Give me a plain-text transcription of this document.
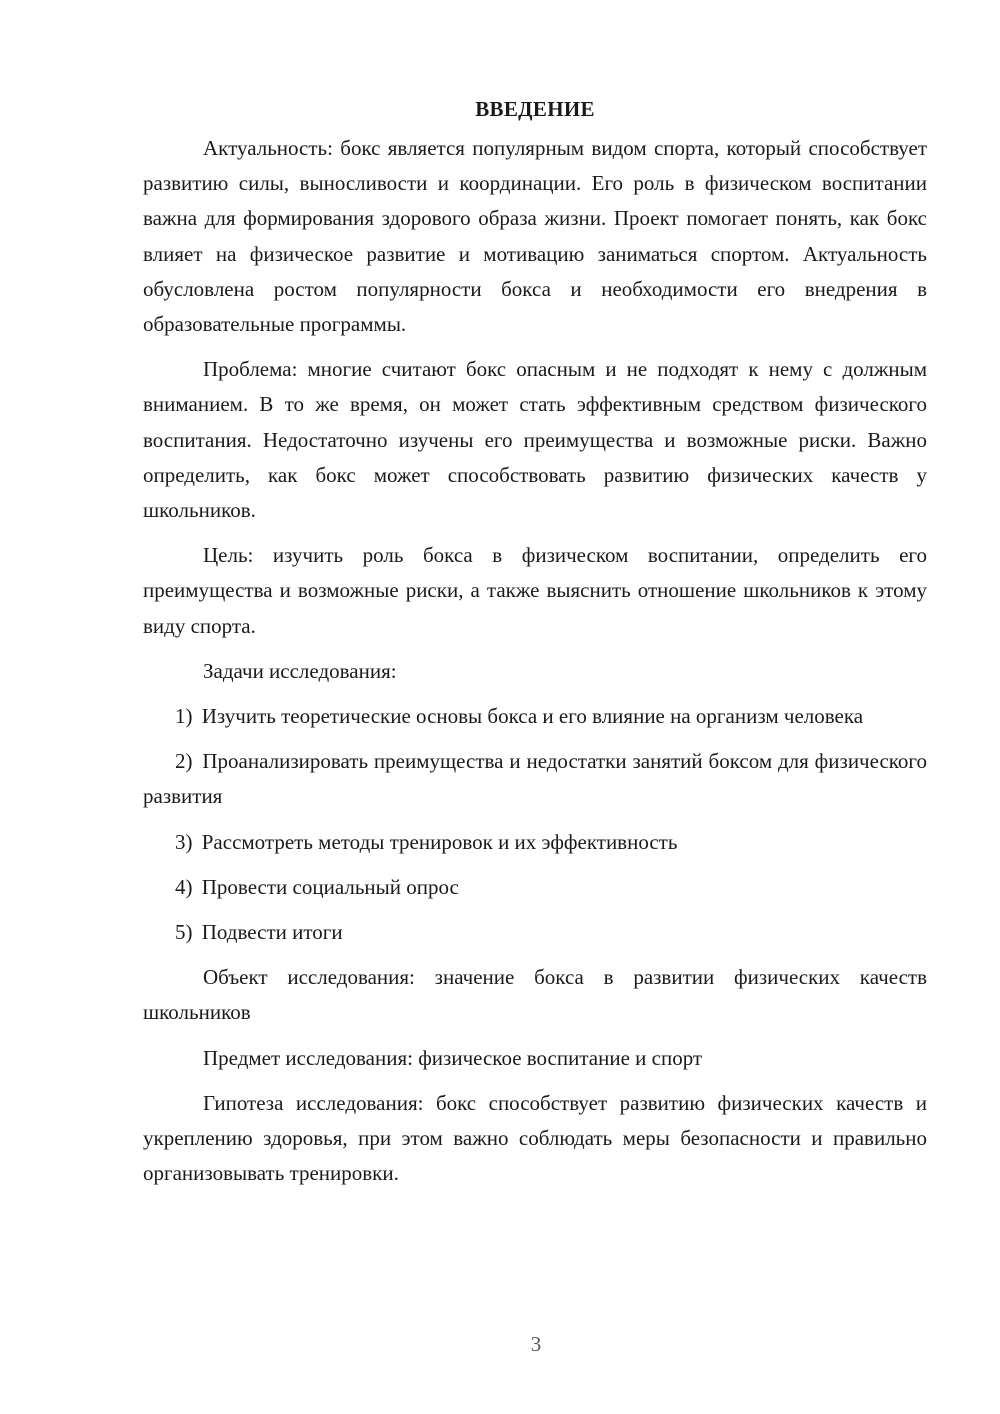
ВВЕДЕНИЕ

Актуальность: бокс является популярным видом спорта, который способствует развитию силы, выносливости и координации. Его роль в физическом воспитании важна для формирования здорового образа жизни. Проект помогает понять, как бокс влияет на физическое развитие и мотивацию заниматься спортом. Актуальность обусловлена ростом популярности бокса и необходимости его внедрения в образовательные программы.

Проблема: многие считают бокс опасным и не подходят к нему с должным вниманием. В то же время, он может стать эффективным средством физического воспитания. Недостаточно изучены его преимущества и возможные риски. Важно определить, как бокс может способствовать развитию физических качеств у школьников.

Цель: изучить роль бокса в физическом воспитании, определить его преимущества и возможные риски, а также выяснить отношение школьников к этому виду спорта.

Задачи исследования:

1) Изучить теоретические основы бокса и его влияние на организм человека

2) Проанализировать преимущества и недостатки занятий боксом для физического развития

3) Рассмотреть методы тренировок и их эффективность

4) Провести социальный опрос

5) Подвести итоги

Объект исследования: значение бокса в развитии физических качеств школьников

Предмет исследования: физическое воспитание и спорт

Гипотеза исследования: бокс способствует развитию физических качеств и укреплению здоровья, при этом важно соблюдать меры безопасности и правильно организовывать тренировки.

3
